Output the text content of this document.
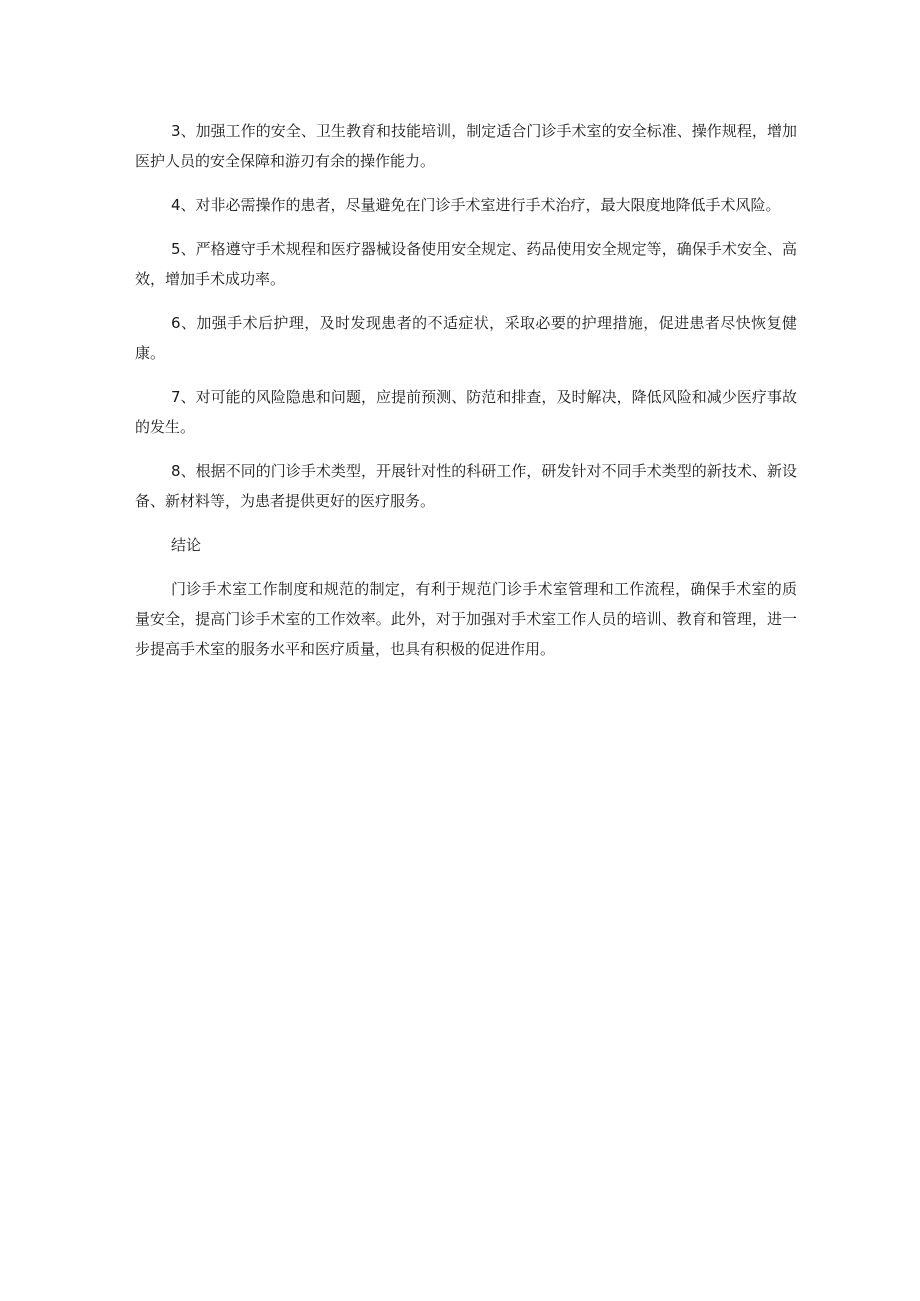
3、加强工作的安全、卫生教育和技能培训，制定适合门诊手术室的安全标准、操作规程，增加医护人员的安全保障和游刃有余的操作能力。

4、对非必需操作的患者，尽量避免在门诊手术室进行手术治疗，最大限度地降低手术风险。

5、严格遵守手术规程和医疗器械设备使用安全规定、药品使用安全规定等，确保手术安全、高效，增加手术成功率。

6、加强手术后护理，及时发现患者的不适症状，采取必要的护理措施，促进患者尽快恢复健康。

7、对可能的风险隐患和问题，应提前预测、防范和排查，及时解决，降低风险和减少医疗事故的发生。

8、根据不同的门诊手术类型，开展针对性的科研工作，研发针对不同手术类型的新技术、新设备、新材料等，为患者提供更好的医疗服务。

结论

门诊手术室工作制度和规范的制定，有利于规范门诊手术室管理和工作流程，确保手术室的质量安全，提高门诊手术室的工作效率。此外，对于加强对手术室工作人员的培训、教育和管理，进一步提高手术室的服务水平和医疗质量，也具有积极的促进作用。
